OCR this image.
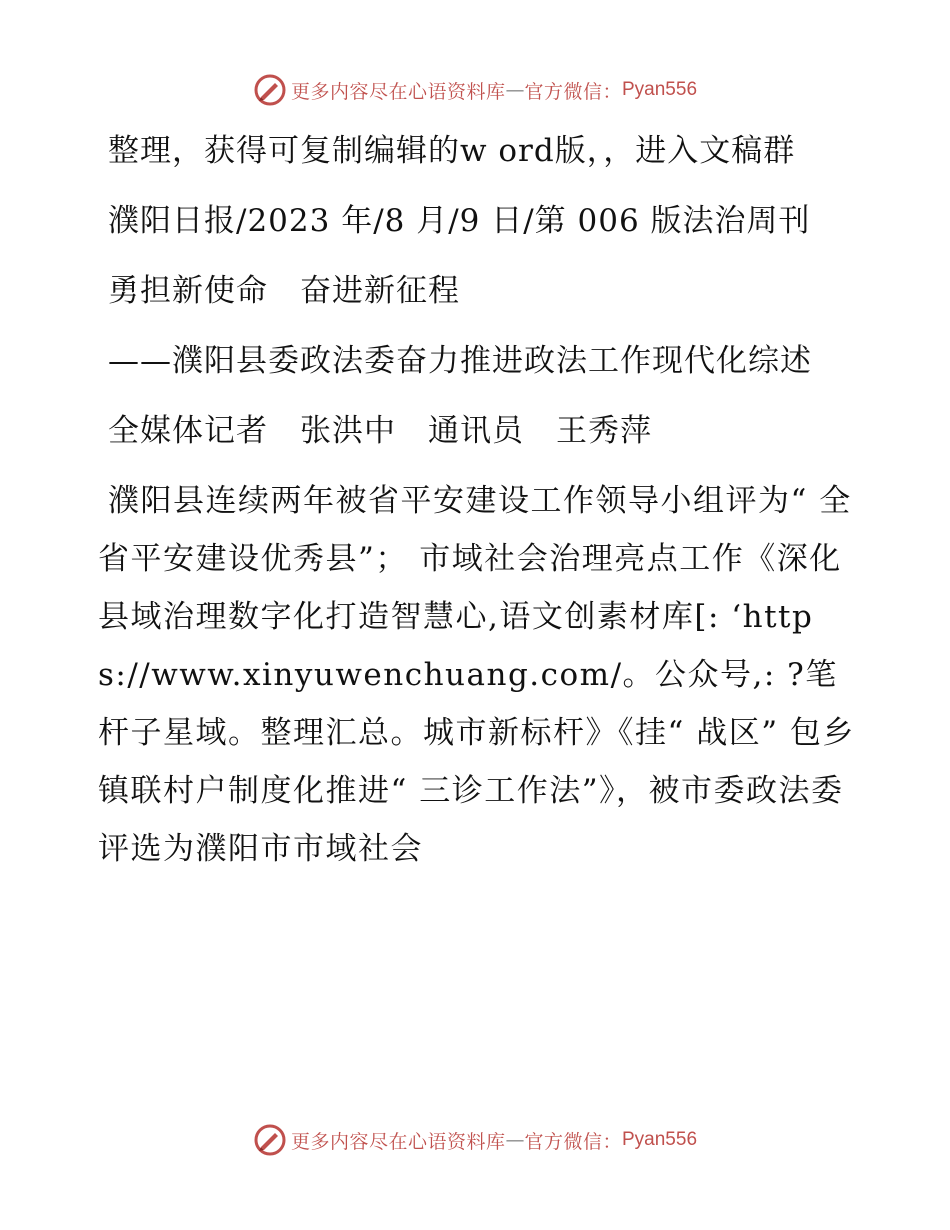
更多内容尽在心语资料库 — 官方微信： Pyan556

整理，获得可复制编辑的w ord版，，进入文稿群

濮阳日报/2023 年/8 月/9 日/第 006 版法治周刊

勇担新使命　奋进新征程

——濮阳县委政法委奋力推进政法工作现代化综述

全媒体记者　张洪中　通讯员　王秀萍

濮阳县连续两年被省平安建设工作领导小组评为“ 全省平安建设优秀县”； 市域社会治理亮点工作《深化县域治理数字化打造智慧心,语文创素材库[: ‘https://www.xinyuwenchuang.com/。公众号,: ?笔杆子星域。整理汇总。城市新标杆》《挂“ 战区” 包乡镇联村户制度化推进“ 三诊工作法”》，被市委政法委评选为濮阳市市域社会

更多内容尽在心语资料库 — 官方微信： Pyan556
